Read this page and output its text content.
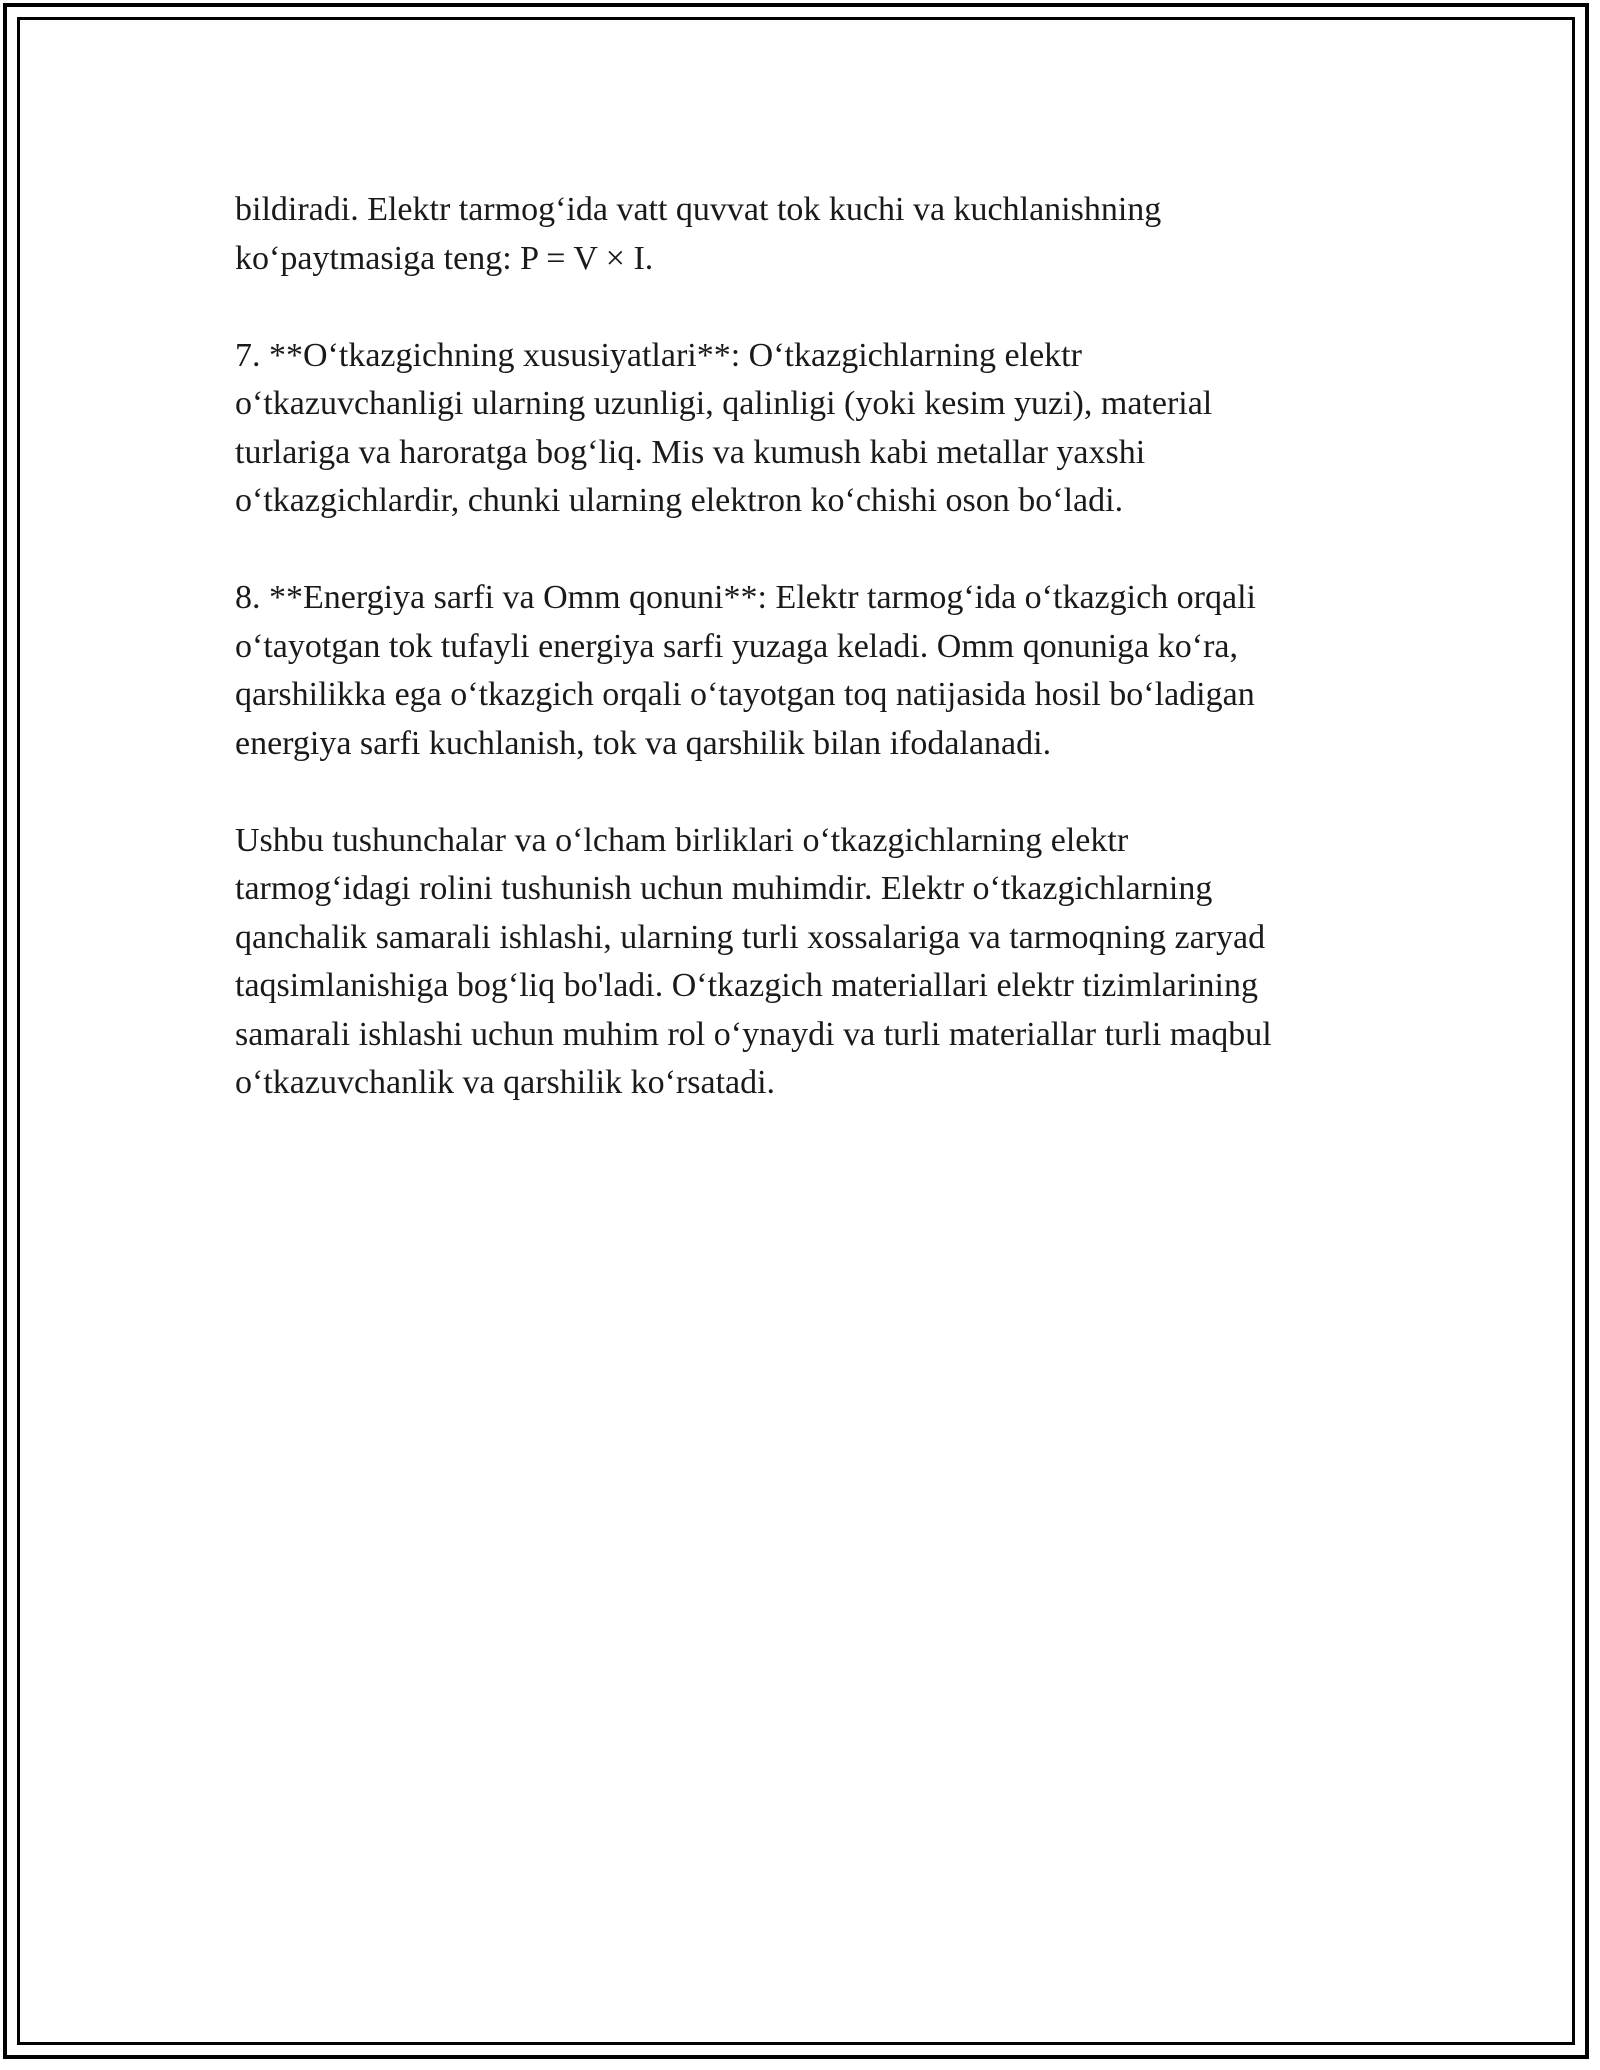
bildiradi. Elektr tarmog‘ida vatt quvvat tok kuchi va kuchlanishning
ko‘paytmasiga teng: P = V × I.

7. **O‘tkazgichning xususiyatlari**: O‘tkazgichlarning elektr
o‘tkazuvchanligi ularning uzunligi, qalinligi (yoki kesim yuzi), material
turlariga va haroratga bog‘liq. Mis va kumush kabi metallar yaxshi
o‘tkazgichlardir, chunki ularning elektron ko‘chishi oson bo‘ladi.

8. **Energiya sarfi va Omm qonuni**: Elektr tarmog‘ida o‘tkazgich orqali
o‘tayotgan tok tufayli energiya sarfi yuzaga keladi. Omm qonuniga ko‘ra,
qarshilikka ega o‘tkazgich orqali o‘tayotgan toq natijasida hosil bo‘ladigan
energiya sarfi kuchlanish, tok va qarshilik bilan ifodalanadi.

Ushbu tushunchalar va o‘lcham birliklari o‘tkazgichlarning elektr
tarmog‘idagi rolini tushunish uchun muhimdir. Elektr o‘tkazgichlarning
qanchalik samarali ishlashi, ularning turli xossalariga va tarmoqning zaryad
taqsimlanishiga bog‘liq bo'ladi. O‘tkazgich materiallari elektr tizimlarining
samarali ishlashi uchun muhim rol o‘ynaydi va turli materiallar turli maqbul
o‘tkazuvchanlik va qarshilik ko‘rsatadi.
